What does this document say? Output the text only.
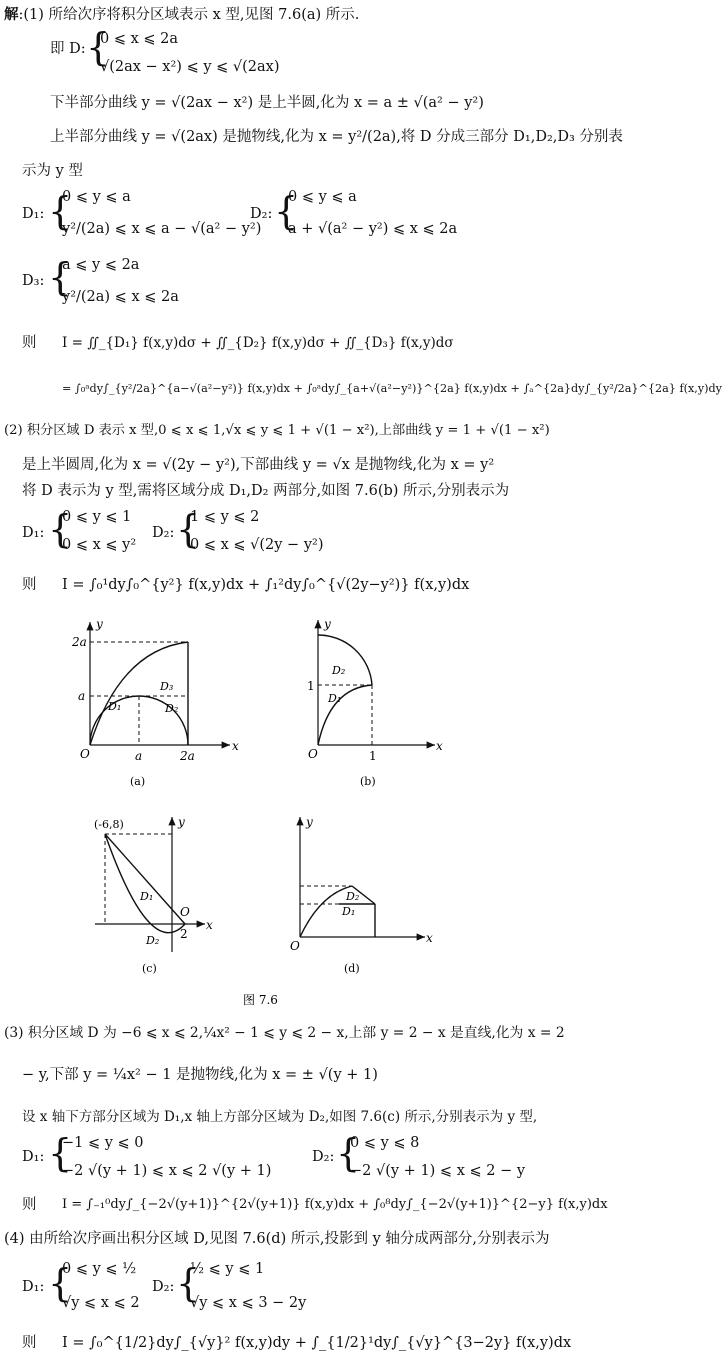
解:(1) 所给次序将积分区域表示 x 型,见图 7.6(a) 所示.
即 D: {
0 ⩽ x ⩽ 2a
√(2ax − x²) ⩽ y ⩽ √(2ax)
下半部分曲线 y = √(2ax − x²) 是上半圆,化为 x = a ± √(a² − y²)
上半部分曲线 y = √(2ax) 是抛物线,化为 x = y²/(2a),将 D 分成三部分 D₁,D₂,D₃ 分别表
示为 y 型
D₁: {
0 ⩽ y ⩽ a
y²/(2a) ⩽ x ⩽ a − √(a² − y²)
D₂: {
0 ⩽ y ⩽ a
a + √(a² − y²) ⩽ x ⩽ 2a
D₃: {
a ⩽ y ⩽ 2a
y²/(2a) ⩽ x ⩽ 2a
则 I = ∬_{D₁} f(x,y)dσ + ∬_{D₂} f(x,y)dσ + ∬_{D₃} f(x,y)dσ
= ∫₀ᵃdy∫_{y²/2a}^{a−√(a²−y²)} f(x,y)dx + ∫₀ᵃdy∫_{a+√(a²−y²)}^{2a} f(x,y)dx + ∫ₐ^{2a}dy∫_{y²/2a}^{2a} f(x,y)dy
(2) 积分区域 D 表示 x 型,0 ⩽ x ⩽ 1,√x ⩽ y ⩽ 1 + √(1 − x²),上部曲线 y = 1 + √(1 − x²)
是上半圆周,化为 x = √(2y − y²),下部曲线 y = √x 是抛物线,化为 x = y²
将 D 表示为 y 型,需将区域分成 D₁,D₂ 两部分,如图 7.6(b) 所示,分别表示为
D₁: {
0 ⩽ y ⩽ 1
0 ⩽ x ⩽ y²
D₂: {
1 ⩽ y ⩽ 2
0 ⩽ x ⩽ √(2y − y²)
则 I = ∫₀¹dy∫₀^{y²} f(x,y)dx + ∫₁²dy∫₀^{√(2y−y²)} f(x,y)dx
y
x
O
2a
a
a	2a
D₁	D₂
D₃
(a)
y
x
O
1
1
D₁
D₂
(b)
y
x
O
(-6,8)
2
D₁
D₂
(c)
y
x
O
D₁
D₂
(d)
图 7.6
(3) 积分区域 D 为 −6 ⩽ x ⩽ 2,¼x² − 1 ⩽ y ⩽ 2 − x,上部 y = 2 − x 是直线,化为 x = 2
− y,下部 y = ¼x² − 1 是抛物线,化为 x = ± √(y + 1)
设 x 轴下方部分区域为 D₁,x 轴上方部分区域为 D₂,如图 7.6(c) 所示,分别表示为 y 型,
D₁: {
−1 ⩽ y ⩽ 0
−2 √(y + 1) ⩽ x ⩽ 2 √(y + 1)
D₂: {
0 ⩽ y ⩽ 8
−2 √(y + 1) ⩽ x ⩽ 2 − y
则 I = ∫₋₁⁰dy∫_{−2√(y+1)}^{2√(y+1)} f(x,y)dx + ∫₀⁸dy∫_{−2√(y+1)}^{2−y} f(x,y)dx
(4) 由所给次序画出积分区域 D,见图 7.6(d) 所示,投影到 y 轴分成两部分,分别表示为
D₁: {
0 ⩽ y ⩽ ½
√y ⩽ x ⩽ 2
D₂: {
½ ⩽ y ⩽ 1
√y ⩽ x ⩽ 3 − 2y
则 I = ∫₀^{1/2}dy∫_{√y}² f(x,y)dy + ∫_{1/2}¹dy∫_{√y}^{3−2y} f(x,y)dx
